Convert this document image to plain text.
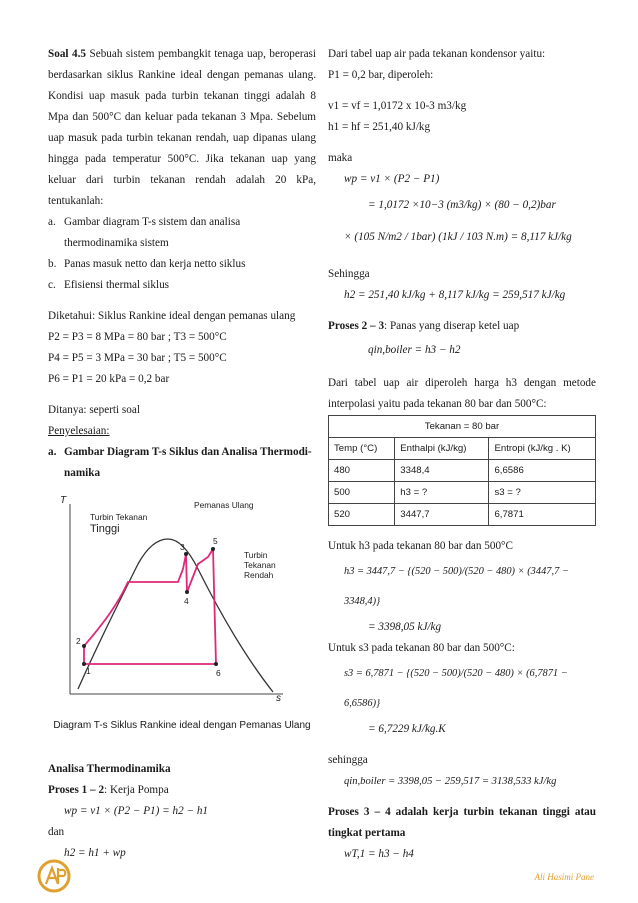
Soal 4.5 Sebuah sistem pembangkit tenaga uap, beroperasi berdasarkan siklus Rankine ideal dengan pemanas ulang. Kondisi uap masuk pada turbin tekanan tinggi adalah 8 Mpa dan 500°C dan keluar pada tekanan 3 Mpa. Sebelum uap masuk pada turbin tekanan rendah, uap dipanas ulang hingga pada temperatur 500°C. Jika tekanan uap yang keluar dari turbin tekanan rendah adalah 20 kPa, tentukanlah:

a. Gambar diagram T-s sistem dan analisa thermodinamika sistem

b. Panas masuk netto dan kerja netto siklus

c. Efisiensi thermal siklus

Diketahui: Siklus Rankine ideal dengan pemanas ulang

P2 = P3 = 8 MPa = 80 bar ; T3 = 500°C

P4 = P5 = 3 MPa = 30 bar ; T5 = 500°C

P6 = P1 = 20 kPa = 0,2 bar

Ditanya: seperti soal

Penyelesaian:

a. Gambar Diagram T-s Siklus dan Analisa Thermodi-namika

T
s
Turbin Tekanan
Tinggi
Pemanas Ulang
Turbin
Tekanan
Rendah
1
2
3
4
5
6
Diagram T-s Siklus Rankine ideal dengan Pemanas Ulang

Analisa Thermodinamika

Proses 1 – 2: Kerja Pompa

wp = v1 × (P2 − P1) = h2 − h1

dan

h2 = h1 + wp

Dari tabel uap air pada tekanan kondensor yaitu:

P1 = 0,2 bar, diperoleh:

v1 = vf = 1,0172 x 10-3 m3/kg

h1 = hf = 251,40 kJ/kg

maka

wp = v1 × (P2 − P1)

= 1,0172 ×10−3 (m3/kg) × (80 − 0,2)bar

× (105 N/m2 / 1bar) (1kJ / 103 N.m) = 8,117 kJ/kg

Sehingga

h2 = 251,40 kJ/kg + 8,117 kJ/kg = 259,517 kJ/kg

Proses 2 – 3: Panas yang diserap ketel uap

qin,boiler = h3 − h2

Dari tabel uap air diperoleh harga h3 dengan metode interpolasi yaitu pada tekanan 80 bar dan 500°C:

Tekanan = 80 bar		
Temp (°C)	Enthalpi (kJ/kg)	Entropi (kJ/kg . K)
480	3348,4	6,6586
500	h3 = ?	s3 = ?
520	3447,7	6,7871

Untuk h3 pada tekanan 80 bar dan 500°C

h3 = 3447,7 − {(520 − 500)/(520 − 480) × (3447,7 − 3348,4)}

= 3398,05 kJ/kg

Untuk s3 pada tekanan 80 bar dan 500°C:

s3 = 6,7871 − {(520 − 500)/(520 − 480) × (6,7871 − 6,6586)}

= 6,7229 kJ/kg.K

sehingga

qin,boiler = 3398,05 − 259,517 = 3138,533 kJ/kg

Proses 3 – 4 adalah kerja turbin tekanan tinggi atau tingkat pertama

wT,1 = h3 − h4

Ali Hasimi Pane
